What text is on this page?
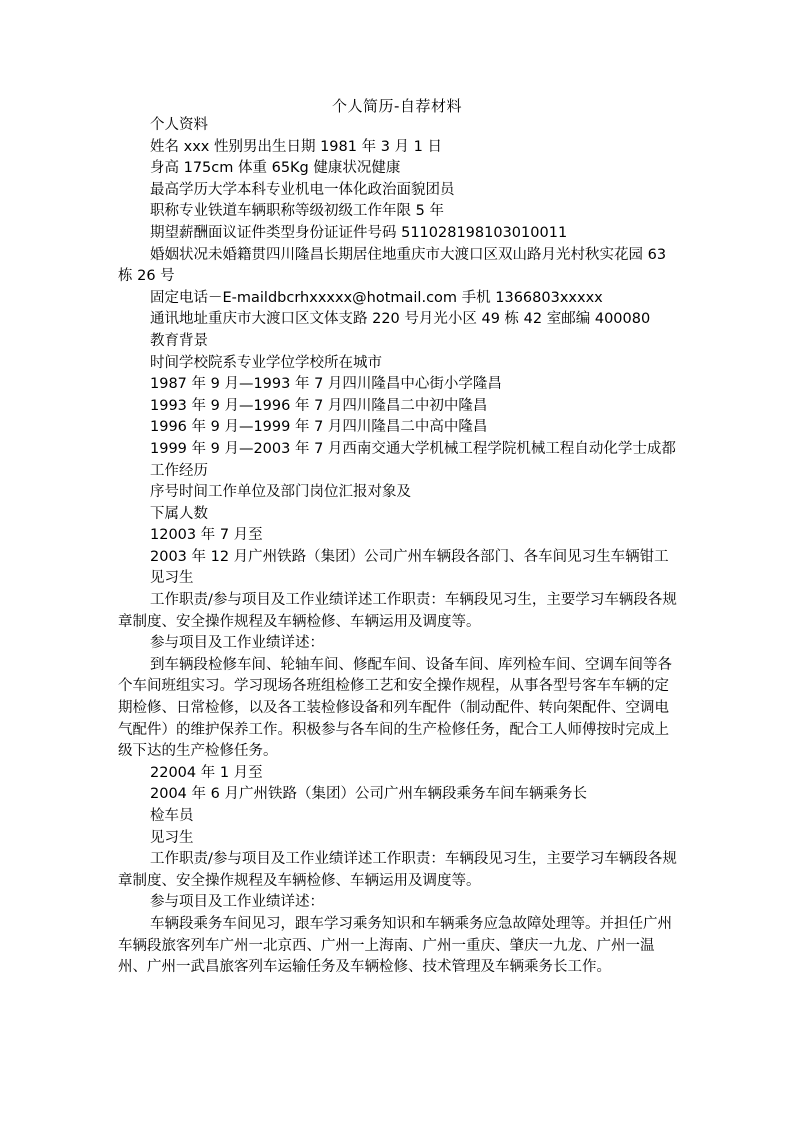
个人简历-自荐材料

个人资料

姓名 xxx 性别男出生日期 1981 年 3 月 1 日

身高 175cm 体重 65Kg 健康状况健康

最高学历大学本科专业机电一体化政治面貌团员

职称专业铁道车辆职称等级初级工作年限 5 年

期望薪酬面议证件类型身份证证件号码 511028198103010011

婚姻状况未婚籍贯四川隆昌长期居住地重庆市大渡口区双山路月光村秋实花园 63 栋 26 号

固定电话－E-maildbcrhxxxxx@hotmail.com 手机 1366803xxxxx

通讯地址重庆市大渡口区文体支路 220 号月光小区 49 栋 42 室邮编 400080

教育背景

时间学校院系专业学位学校所在城市

1987 年 9 月—1993 年 7 月四川隆昌中心街小学隆昌

1993 年 9 月—1996 年 7 月四川隆昌二中初中隆昌

1996 年 9 月—1999 年 7 月四川隆昌二中高中隆昌

1999 年 9 月—2003 年 7 月西南交通大学机械工程学院机械工程自动化学士成都

工作经历

序号时间工作单位及部门岗位汇报对象及

下属人数

12003 年 7 月至

2003 年 12 月广州铁路（集团）公司广州车辆段各部门、各车间见习生车辆钳工

见习生

工作职责/参与项目及工作业绩详述工作职责：车辆段见习生，主要学习车辆段各规章制度、安全操作规程及车辆检修、车辆运用及调度等。

参与项目及工作业绩详述：

到车辆段检修车间、轮轴车间、修配车间、设备车间、库列检车间、空调车间等各个车间班组实习。学习现场各班组检修工艺和安全操作规程，从事各型号客车车辆的定期检修、日常检修，以及各工装检修设备和列车配件（制动配件、转向架配件、空调电气配件）的维护保养工作。积极参与各车间的生产检修任务，配合工人师傅按时完成上级下达的生产检修任务。

22004 年 1 月至

2004 年 6 月广州铁路（集团）公司广州车辆段乘务车间车辆乘务长

检车员

见习生

工作职责/参与项目及工作业绩详述工作职责：车辆段见习生，主要学习车辆段各规章制度、安全操作规程及车辆检修、车辆运用及调度等。

参与项目及工作业绩详述：

车辆段乘务车间见习，跟车学习乘务知识和车辆乘务应急故障处理等。并担任广州车辆段旅客列车广州一北京西、广州一上海南、广州一重庆、肇庆一九龙、广州一温州、广州一武昌旅客列车运输任务及车辆检修、技术管理及车辆乘务长工作。
